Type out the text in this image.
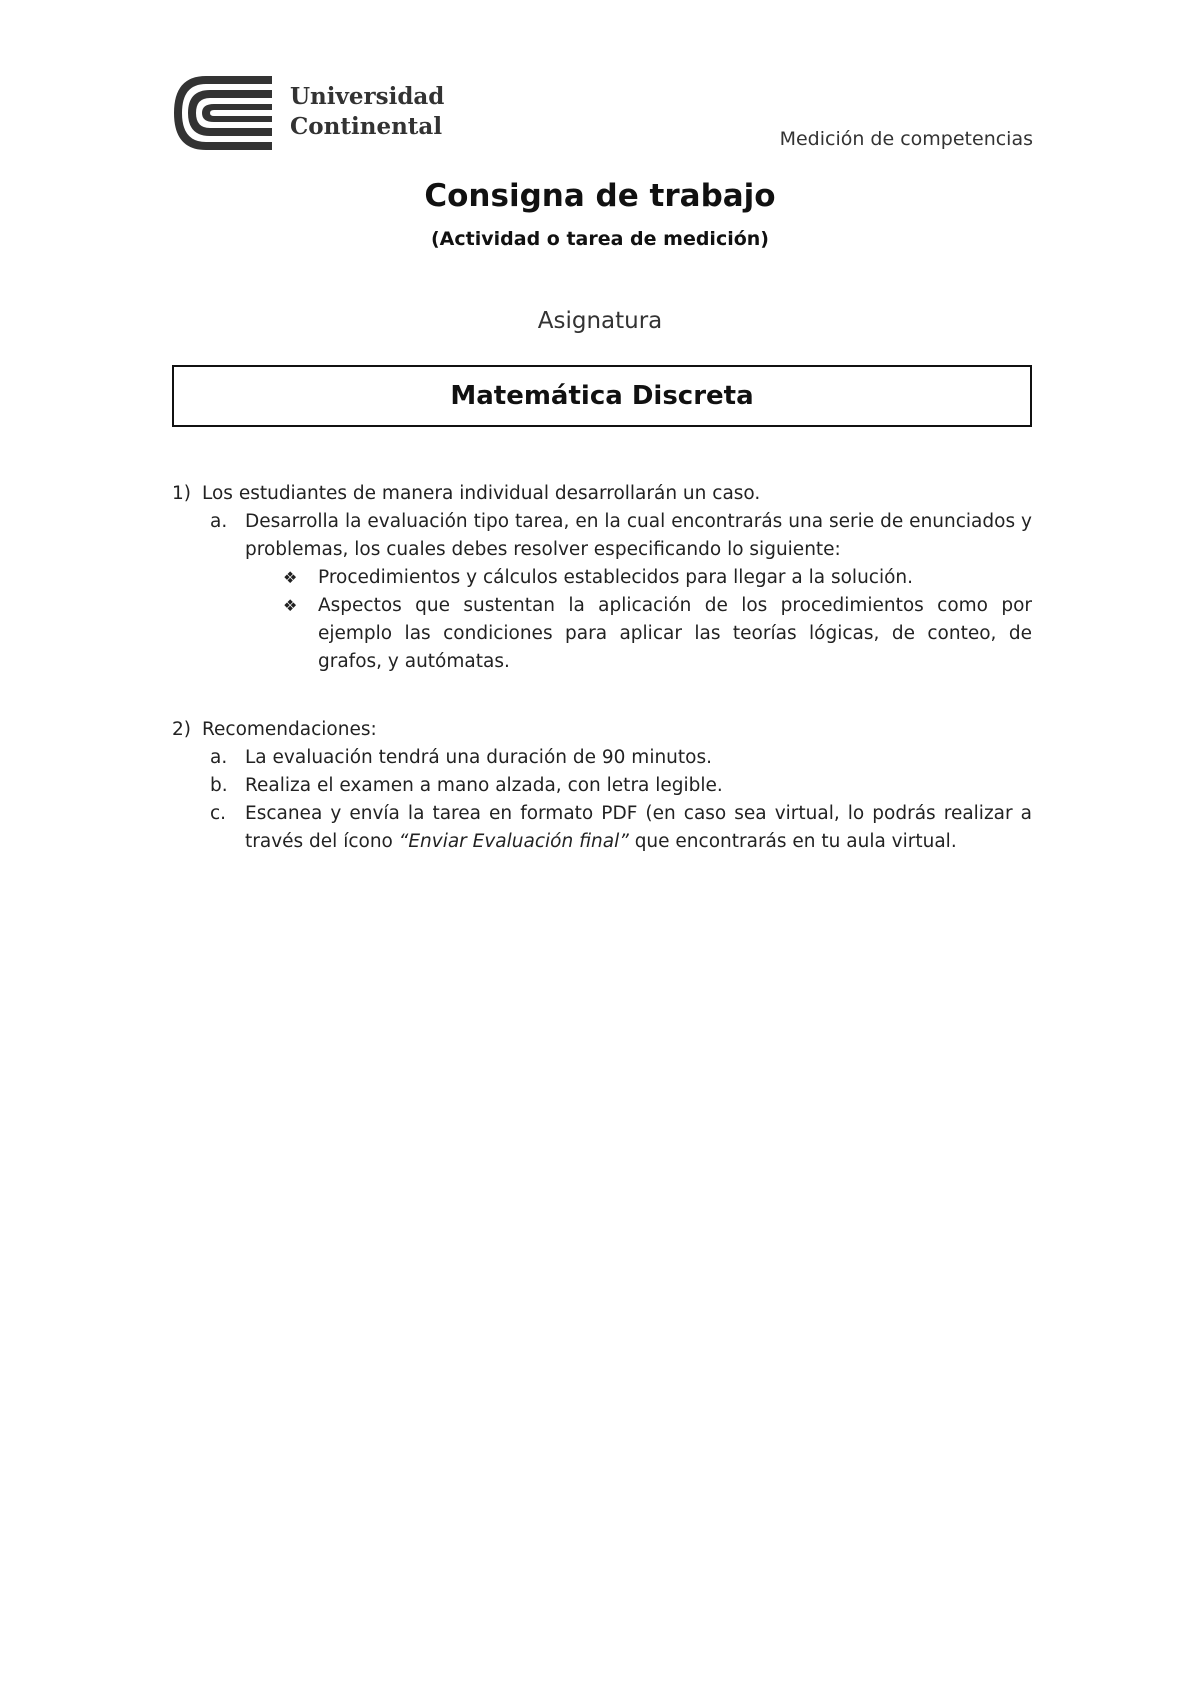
Universidad
Continental	Medición de competencias
Consigna de trabajo
(Actividad o tarea de medición)
Asignatura
Matemática Discreta
1) Los estudiantes de manera individual desarrollarán un caso.
a. Desarrolla la evaluación tipo tarea, en la cual encontrarás una serie de enunciados y problemas, los cuales debes resolver especificando lo siguiente:
❖	Procedimientos y cálculos establecidos para llegar a la solución.
❖	Aspectos que sustentan la aplicación de los procedimientos como por ejemplo las condiciones para aplicar las teorías lógicas, de conteo, de grafos, y autómatas.
2) Recomendaciones:
a. La evaluación tendrá una duración de 90 minutos.
b. Realiza el examen a mano alzada, con letra legible.
c.	Escanea y envía la tarea en formato PDF (en caso sea virtual, lo podrás realizar a través del ícono “Enviar Evaluación final” que encontrarás en tu aula virtual.
